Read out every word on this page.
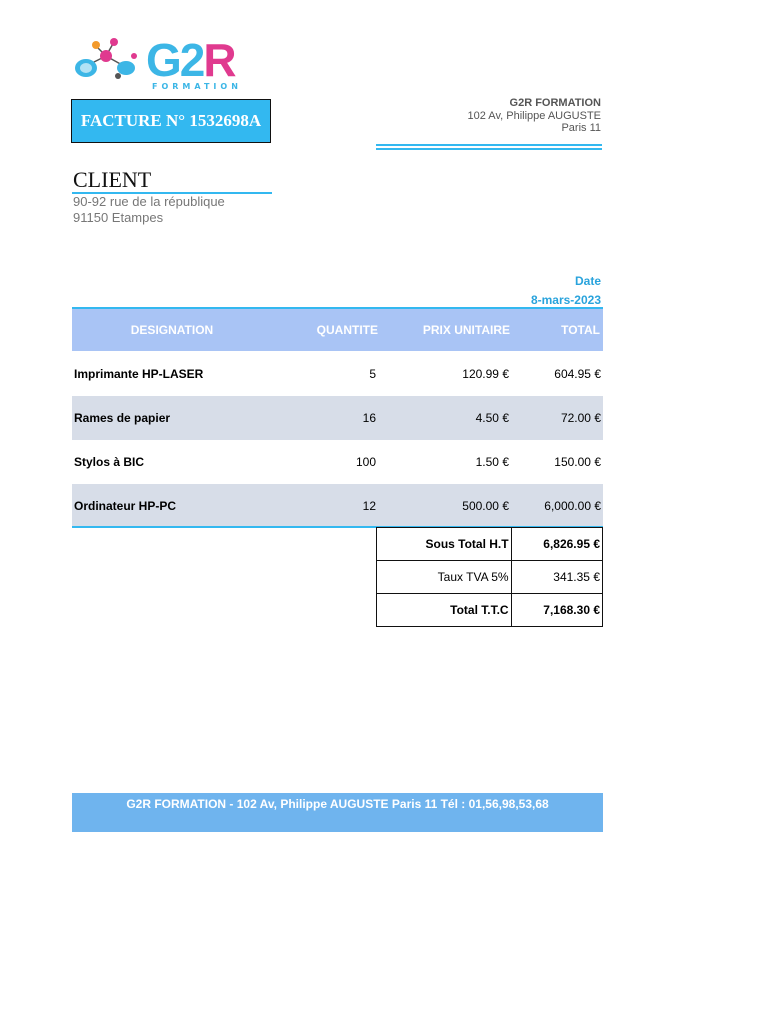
G2R
FORMATION
FACTURE N° 1532698A
G2R FORMATION
102 Av, Philippe AUGUSTE
Paris 11
CLIENT
90-92 rue de la république
91150 Etampes
Date
8-mars-2023
DESIGNATION	QUANTITE	PRIX UNITAIRE	TOTAL
Imprimante HP-LASER	5	120.99 €	604.95 €
Rames de papier	16	4.50 €	72.00 €
Stylos à BIC	100	1.50 €	150.00 €
Ordinateur HP-PC	12	500.00 €	6,000.00 €
Sous Total H.T	6,826.95 €
Taux TVA 5%	341.35 €
Total T.T.C	7,168.30 €
G2R FORMATION - 102 Av, Philippe AUGUSTE Paris 11 Tél : 01,56,98,53,68
